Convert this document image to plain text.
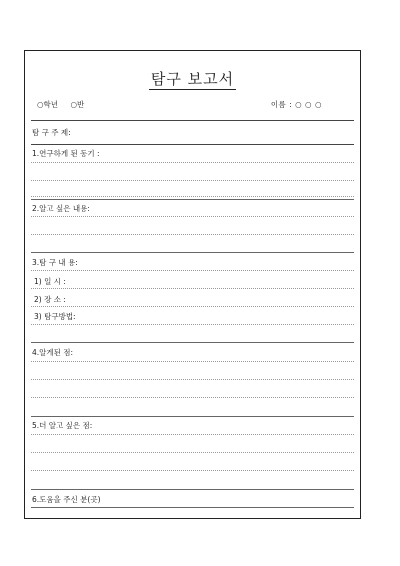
탐구 보고서
○학년 ○반	이름 : ○ ○ ○
탐 구 주 제:
1.연구하게 된 동기 :
2.알고 싶은 내용:
3.탐 구 내 용:
1) 일 시 :
2) 장 소 :
3) 탐구방법:
4.알게된 점:
5.더 알고 싶은 점:
6.도움을 주신 분(곳)
